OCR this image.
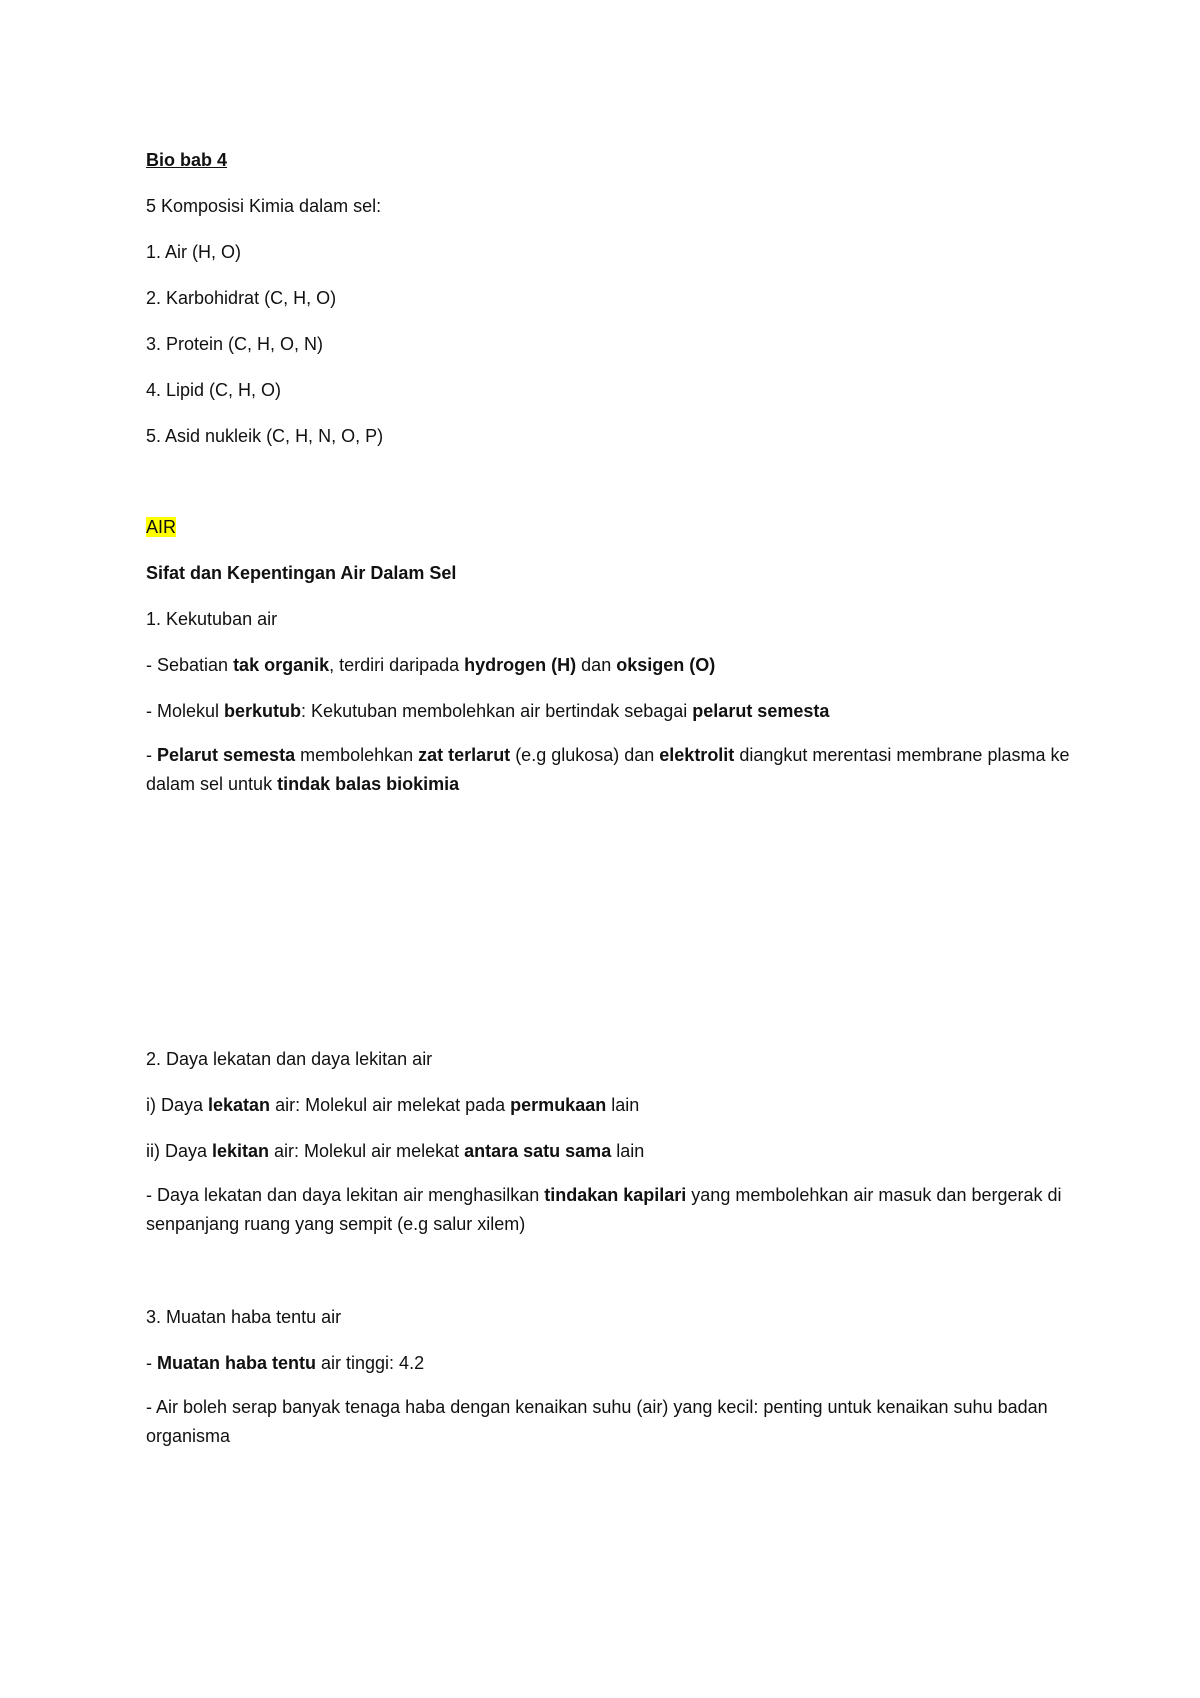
Bio bab 4
5 Komposisi Kimia dalam sel:
1. Air (H, O)
2. Karbohidrat (C, H, O)
3. Protein (C, H, O, N)
4. Lipid (C, H, O)
5. Asid nukleik (C, H, N, O, P)
AIR
Sifat dan Kepentingan Air Dalam Sel
1. Kekutuban air
- Sebatian tak organik, terdiri daripada hydrogen (H) dan oksigen (O)
- Molekul berkutub: Kekutuban membolehkan air bertindak sebagai pelarut semesta
- Pelarut semesta membolehkan zat terlarut (e.g glukosa) dan elektrolit diangkut merentasi membrane plasma ke dalam sel untuk tindak balas biokimia
2. Daya lekatan dan daya lekitan air
i) Daya lekatan air: Molekul air melekat pada permukaan lain
ii) Daya lekitan air: Molekul air melekat antara satu sama lain
- Daya lekatan dan daya lekitan air menghasilkan tindakan kapilari yang membolehkan air masuk dan bergerak di senpanjang ruang yang sempit (e.g salur xilem)
3. Muatan haba tentu air
- Muatan haba tentu air tinggi: 4.2
- Air boleh serap banyak tenaga haba dengan kenaikan suhu (air) yang kecil: penting untuk kenaikan suhu badan organisma
